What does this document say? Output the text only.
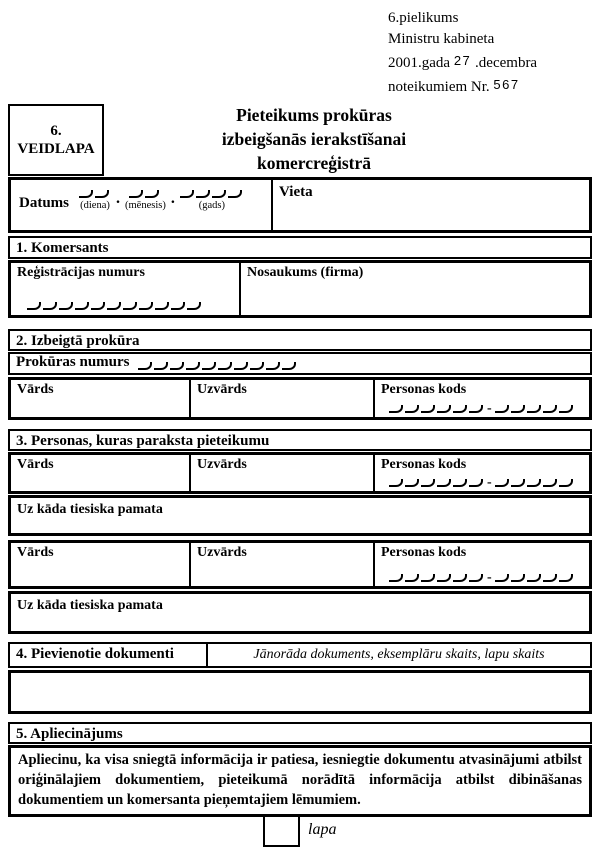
6.pielikums
Ministru kabineta
2001.gada 27 .decembra
noteikumiem Nr. 567
6.
VEIDLAPA

Pieteikums prokūras izbeigšanās ierakstīšanai komercreģistrā

Datums (diena) . (mēnesis) . (gads)
Vieta
1. Komersants
Reģistrācijas numurs	Nosaukums (firma)
2. Izbeigtā prokūra
Prokūras numurs
Vārds	Uzvārds	Personas kods
-
3. Personas, kuras paraksta pieteikumu
Vārds	Uzvārds	Personas kods
-
Uz kāda tiesiska pamata
Vārds	Uzvārds	Personas kods
-
Uz kāda tiesiska pamata
4. Pievienotie dokumenti	Jānorāda dokuments, eksemplāru skaits, lapu skaits
5. Apliecinājums
Apliecinu, ka visa sniegtā informācija ir patiesa, iesniegtie dokumentu atvasinājumi atbilst oriģinālajiem dokumentiem, pieteikumā norādītā informācija atbilst dibināšanas dokumentiem un komersanta pieņemtajiem lēmumiem.
lapa
